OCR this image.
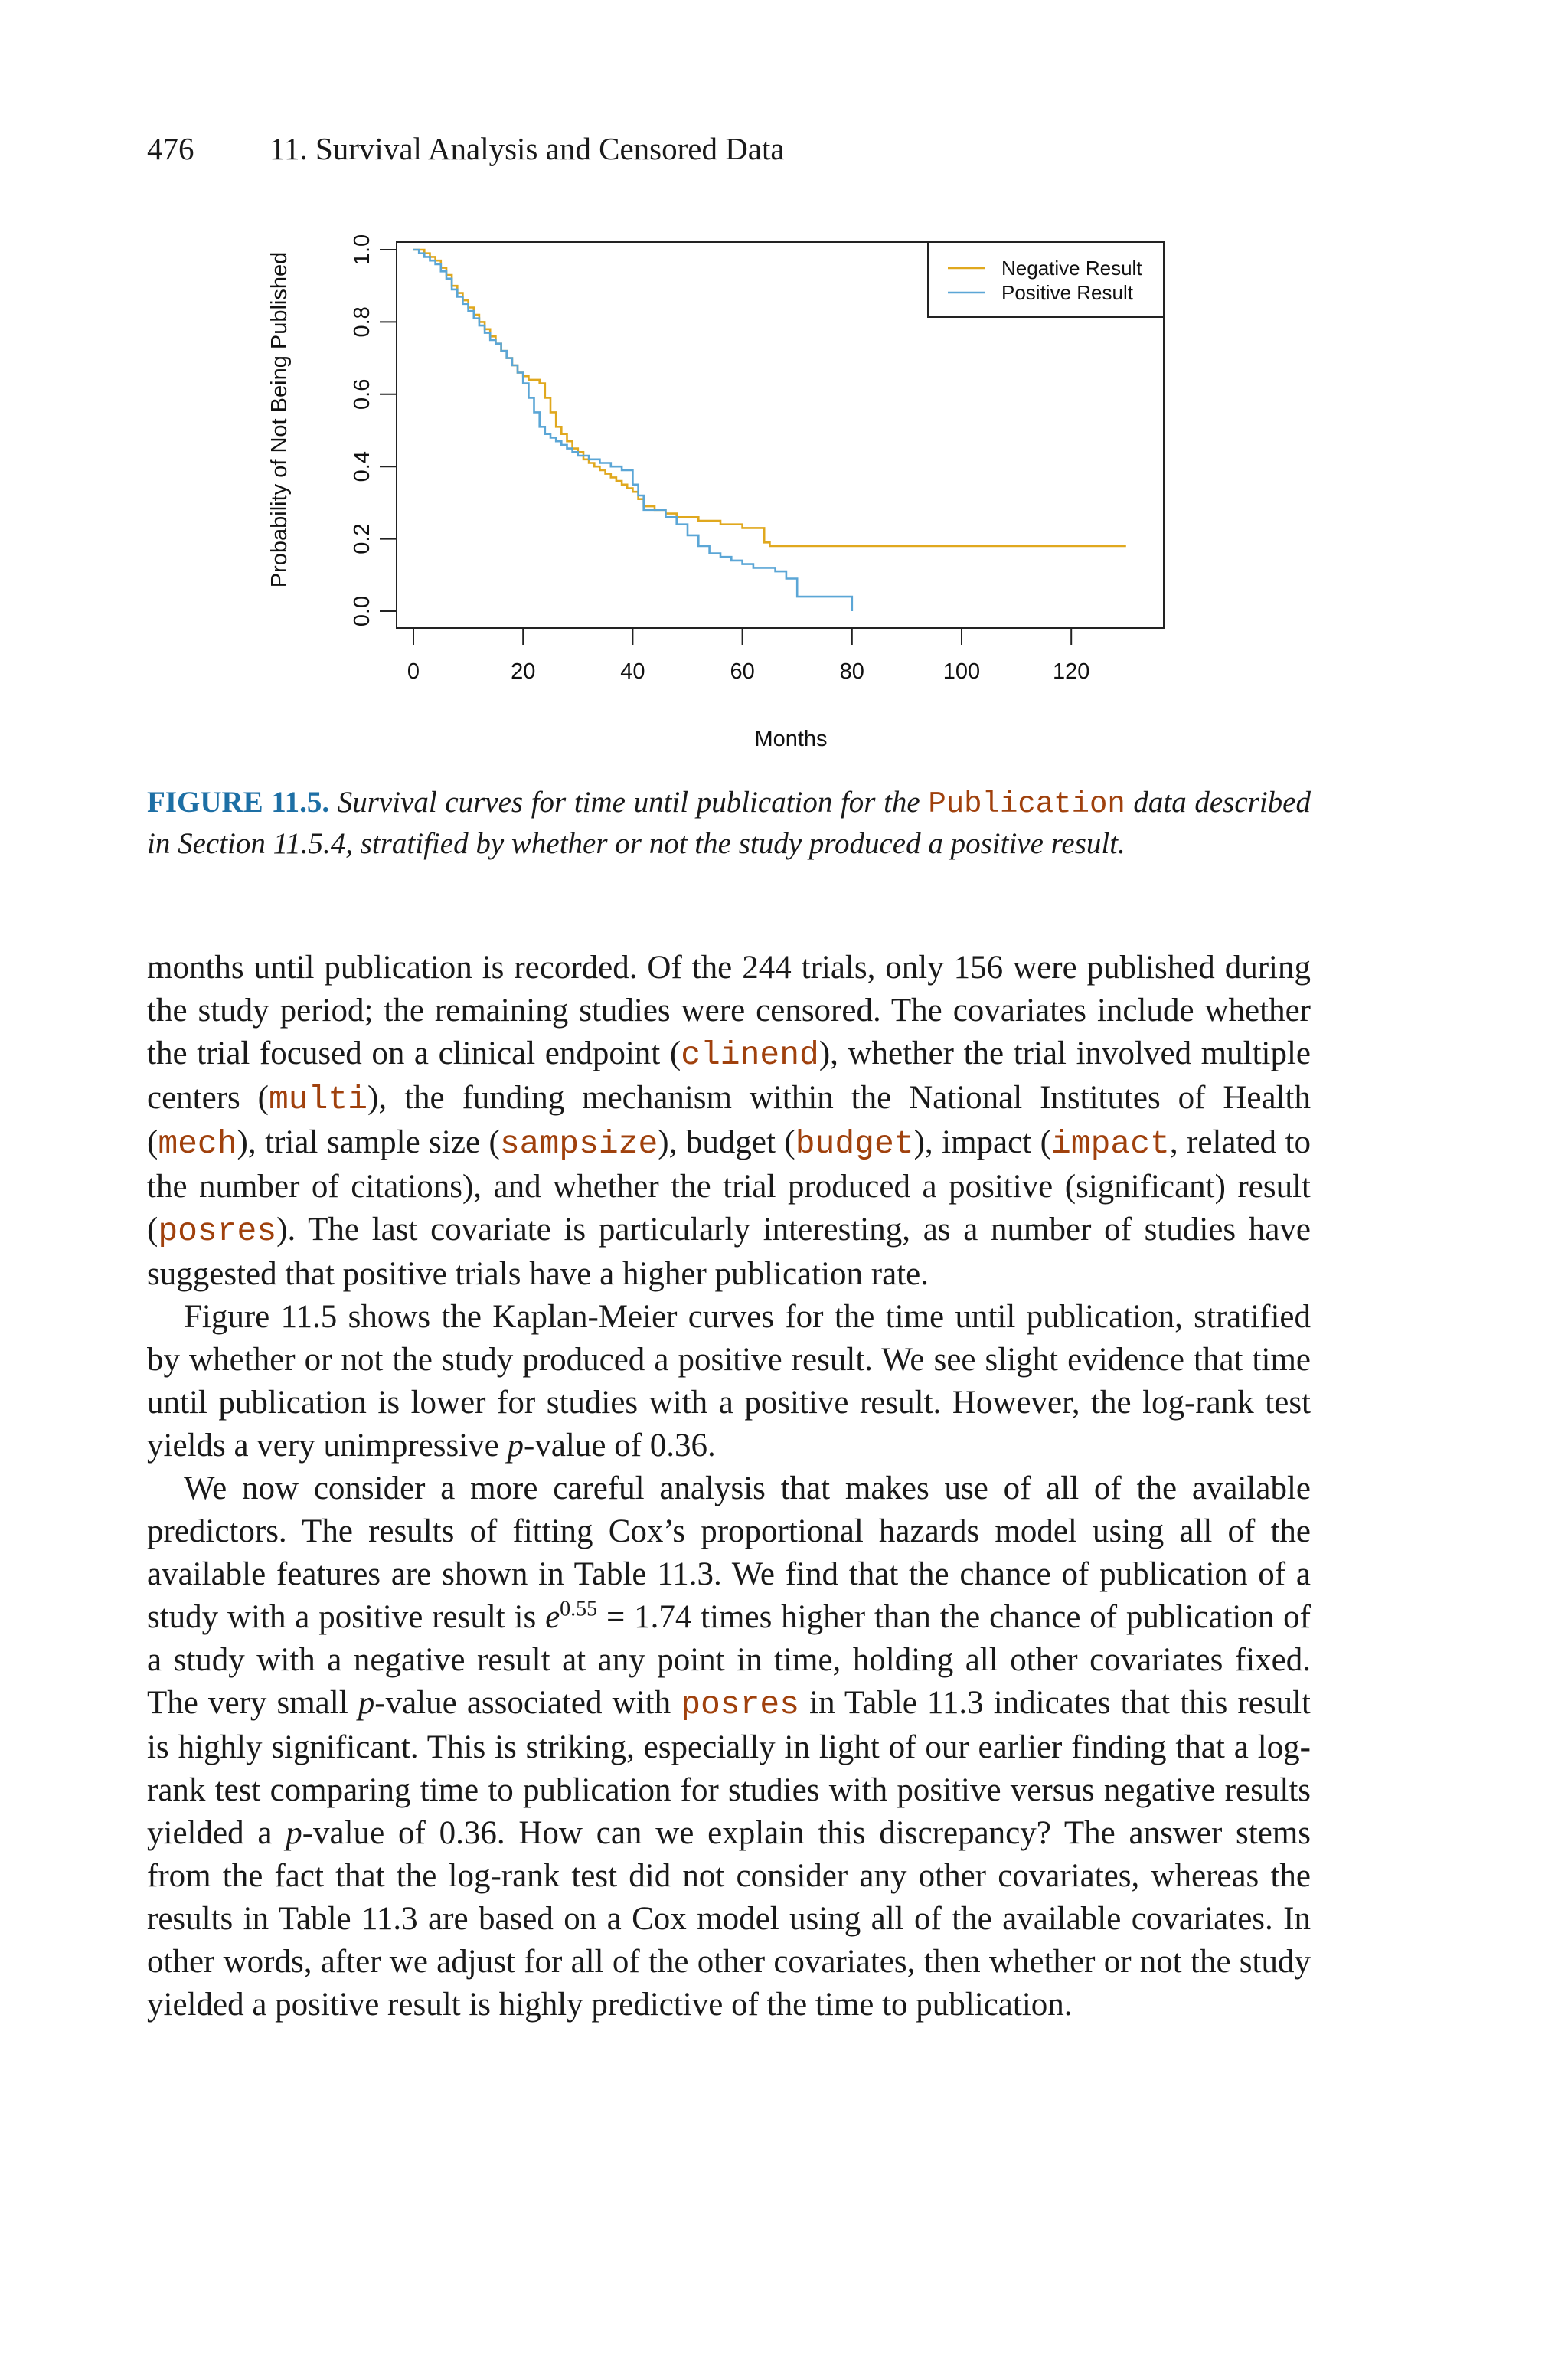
476 11. Survival Analysis and Censored Data
0	20	40	60	80	100	120
0.0
0.2
0.4
0.6
0.8
1.0
Months
Probability of Not Being Published	Negative Result
Positive Result
FIGURE 11.5. Survival curves for time until publication for the Publication data described in Section 11.5.4, stratified by whether or not the study produced a positive result.

months until publication is recorded. Of the 244 trials, only 156 were published during the study period; the remaining studies were censored. The covariates include whether the trial focused on a clinical endpoint (clinend), whether the trial involved multiple centers (multi), the funding mechanism within the National Institutes of Health (mech), trial sample size (sampsize), budget (budget), impact (impact, related to the number of citations), and whether the trial produced a positive (significant) result (posres). The last covariate is particularly interesting, as a number of studies have suggested that positive trials have a higher publication rate.

Figure 11.5 shows the Kaplan-Meier curves for the time until publication, stratified by whether or not the study produced a positive result. We see slight evidence that time until publication is lower for studies with a positive result. However, the log-rank test yields a very unimpressive p-value of 0.36.

We now consider a more careful analysis that makes use of all of the available predictors. The results of fitting Cox’s proportional hazards model using all of the available features are shown in Table 11.3. We find that the chance of publication of a study with a positive result is $e^{0.55} = 1.74$ times higher than the chance of publication of a study with a negative result at any point in time, holding all other covariates fixed. The very small p-value associated with posres in Table 11.3 indicates that this result is highly significant. This is striking, especially in light of our earlier finding that a log-rank test comparing time to publication for studies with positive versus negative results yielded a p-value of 0.36. How can we explain this discrepancy? The answer stems from the fact that the log-rank test did not consider any other covariates, whereas the results in Table 11.3 are based on a Cox model using all of the available covariates. In other words, after we adjust for all of the other covariates, then whether or not the study yielded a positive result is highly predictive of the time to publication.
